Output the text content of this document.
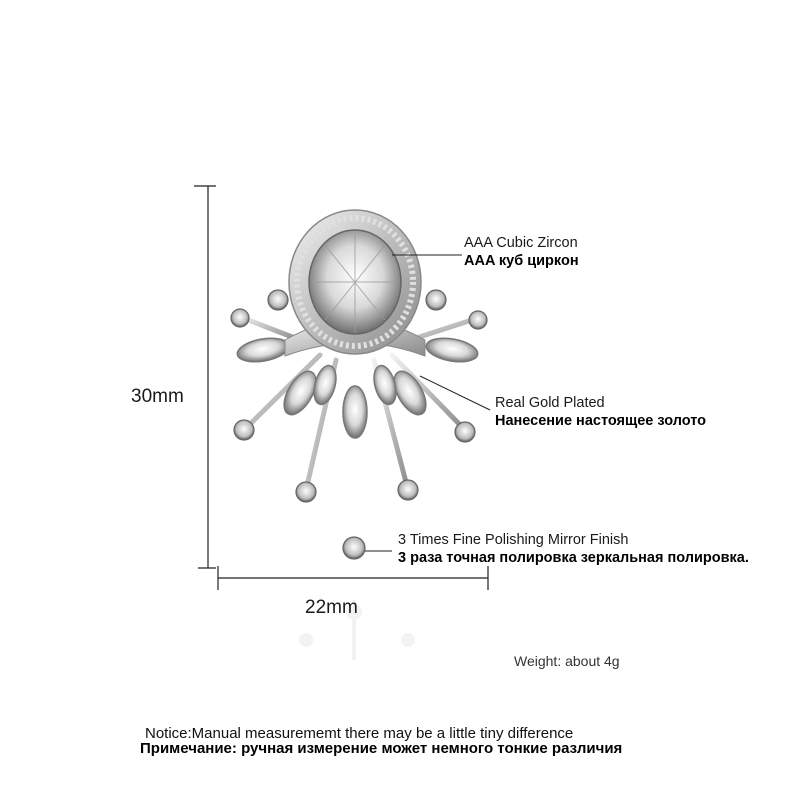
30mm
22mm
AAA Cubic Zircon
AAA куб циркон
Real Gold Plated
Нанесение настоящее золото
3 Times Fine Polishing Mirror Finish
3 раза точная полировка зеркальная полировка.
Weight: about 4g
Notice:Manual measurememt there may be a little tiny difference
Примечание: ручная измерение может немного тонкие различия
